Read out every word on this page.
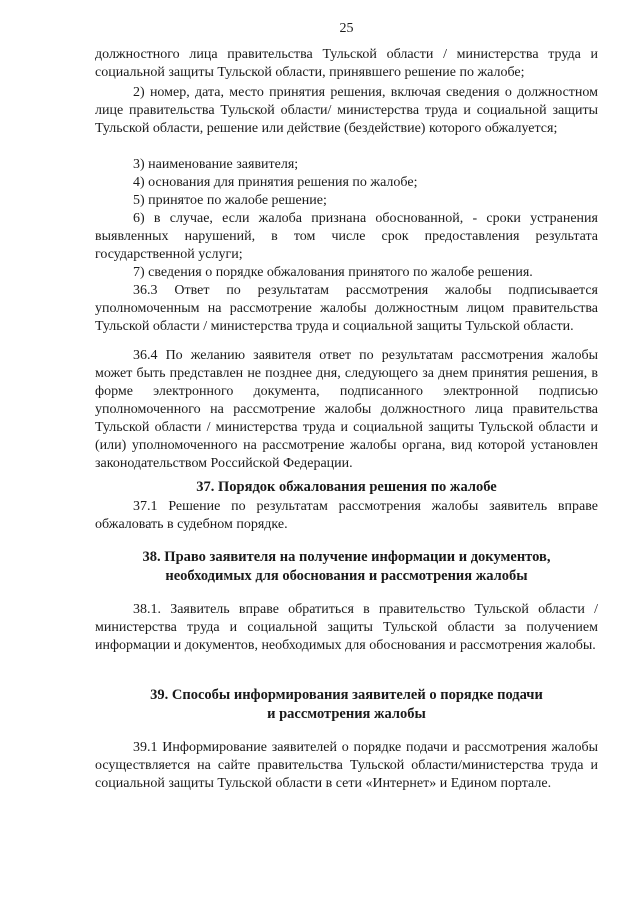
25

должностного лица правительства Тульской области / министерства труда и социальной защиты Тульской области, принявшего решение по жалобе;

2) номер, дата, место принятия решения, включая сведения о должностном лице правительства Тульской области/ министерства труда и социальной защиты Тульской области, решение или действие (бездействие) которого обжалуется;

3) наименование заявителя;

4) основания для принятия решения по жалобе;

5) принятое по жалобе решение;

6) в случае, если жалоба признана обоснованной, - сроки устранения выявленных нарушений, в том числе срок предоставления результата государственной услуги;

7) сведения о порядке обжалования принятого по жалобе решения.

36.3 Ответ по результатам рассмотрения жалобы подписывается уполномоченным на рассмотрение жалобы должностным лицом правительства Тульской области / министерства труда и социальной защиты Тульской области.

36.4 По желанию заявителя ответ по результатам рассмотрения жалобы может быть представлен не позднее дня, следующего за днем принятия решения, в форме электронного документа, подписанного электронной подписью уполномоченного на рассмотрение жалобы должностного лица правительства Тульской области / министерства труда и социальной защиты Тульской области и (или) уполномоченного на рассмотрение жалобы органа, вид которой установлен законодательством Российской Федерации.

37. Порядок обжалования решения по жалобе

37.1 Решение по результатам рассмотрения жалобы заявитель вправе обжаловать в судебном порядке.

38. Право заявителя на получение информации и документов,

необходимых для обоснования и рассмотрения жалобы

38.1. Заявитель вправе обратиться в правительство Тульской области / министерства труда и социальной защиты Тульской области за получением информации и документов, необходимых для обоснования и рассмотрения жалобы.

39. Способы информирования заявителей о порядке подачи

и рассмотрения жалобы

39.1 Информирование заявителей о порядке подачи и рассмотрения жалобы осуществляется на сайте правительства Тульской области/министерства труда и социальной защиты Тульской области в сети «Интернет» и Едином портале.
